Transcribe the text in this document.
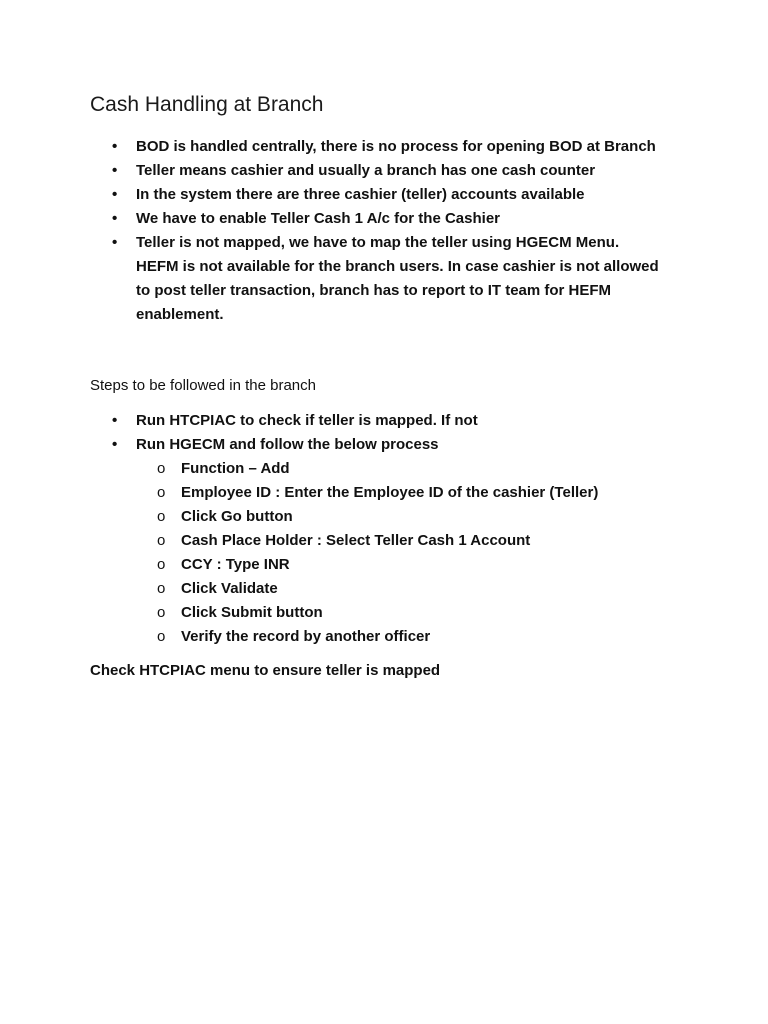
Cash Handling at Branch
• BOD is handled centrally, there is no process for opening BOD at Branch
• Teller means cashier and usually a branch has one cash counter
• In the system there are three cashier (teller) accounts available
• We have to enable Teller Cash 1 A/c for the Cashier
• Teller is not mapped, we have to map the teller using HGECM Menu.
HEFM is not available for the branch users. In case cashier is not allowed
to post teller transaction, branch has to report to IT team for HEFM
enablement.

Steps to be followed in the branch

• Run HTCPIAC to check if teller is mapped. If not
• Run HGECM and follow the below process
o Function – Add
o Employee ID : Enter the Employee ID of the cashier (Teller)
o Click Go button
o Cash Place Holder : Select Teller Cash 1 Account
o CCY : Type INR
o Click Validate
o Click Submit button
o Verify the record by another officer

Check HTCPIAC menu to ensure teller is mapped
